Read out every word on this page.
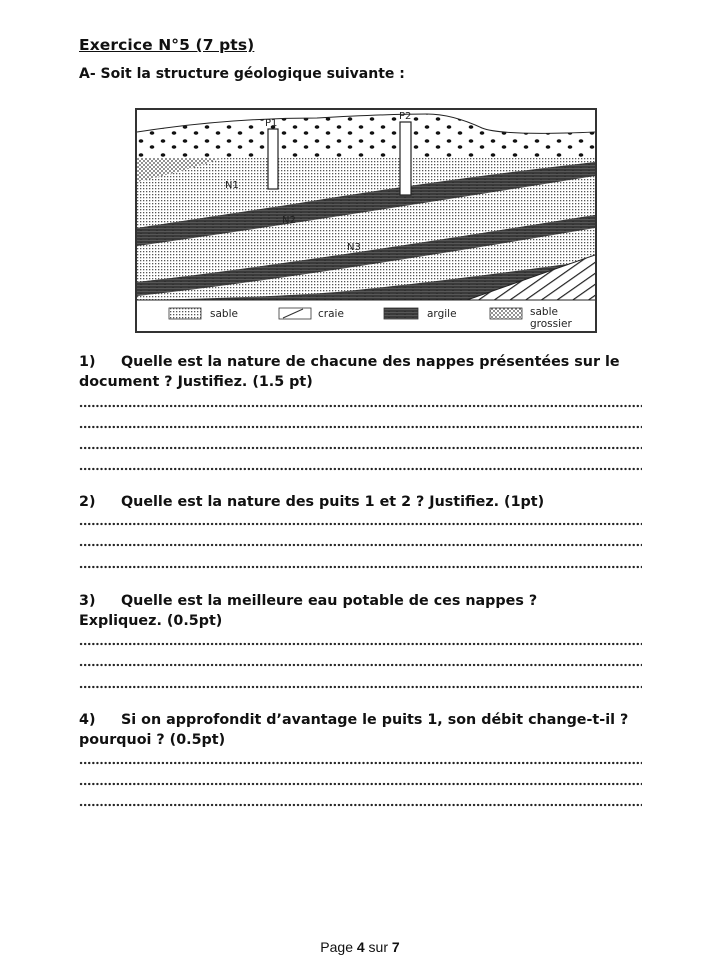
Exercice N°5 (7 pts)
A- Soit la structure géologique suivante :
P1
P2
N1
N2
N3
sable	craie	argile	sable
grossier
1) Quelle est la nature de chacune des nappes présentées sur le
document ? Justifiez. (1.5 pt)
2) Quelle est la nature des puits 1 et 2 ? Justifiez. (1pt)
3) Quelle est la meilleure eau potable de ces nappes ?
Expliquez. (0.5pt)
4) Si on approfondit d’avantage le puits 1, son débit change-t-il ?
pourquoi ? (0.5pt)
Page 4 sur 7
